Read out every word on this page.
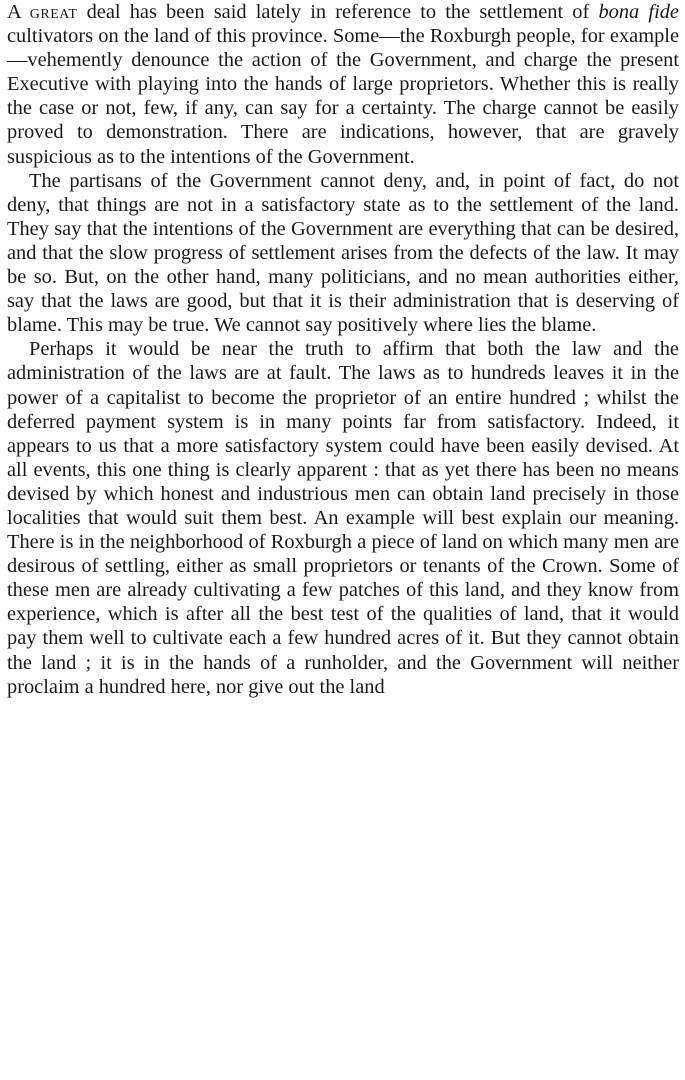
A great deal has been said lately in reference to the settlement of bona fide cultivators on the land of this province. Some—the Roxburgh people, for example—vehemently denounce the action of the Government, and charge the present Executive with playing into the hands of large proprietors. Whether this is really the case or not, few, if any, can say for a certainty. The charge cannot be easily proved to demonstration. There are indications, however, that are gravely suspicious as to the intentions of the Government.

The partisans of the Government cannot deny, and, in point of fact, do not deny, that things are not in a satisfactory state as to the settlement of the land. They say that the intentions of the Government are everything that can be desired, and that the slow progress of settlement arises from the defects of the law. It may be so. But, on the other hand, many politicians, and no mean authorities either, say that the laws are good, but that it is their administration that is deserving of blame. This may be true. We cannot say positively where lies the blame.

Perhaps it would be near the truth to affirm that both the law and the administration of the laws are at fault. The laws as to hundreds leaves it in the power of a capitalist to become the proprietor of an entire hundred ; whilst the deferred payment system is in many points far from satisfactory. Indeed, it appears to us that a more satisfactory system could have been easily devised. At all events, this one thing is clearly apparent : that as yet there has been no means devised by which honest and industrious men can obtain land precisely in those localities that would suit them best. An example will best explain our meaning. There is in the neighborhood of Roxburgh a piece of land on which many men are desirous of settling, either as small proprietors or tenants of the Crown. Some of these men are already cultivating a few patches of this land, and they know from experience, which is after all the best test of the qualities of land, that it would pay them well to cultivate each a few hundred acres of it. But they cannot obtain the land ; it is in the hands of a runholder, and the Government will neither proclaim a hundred here, nor give out the land
